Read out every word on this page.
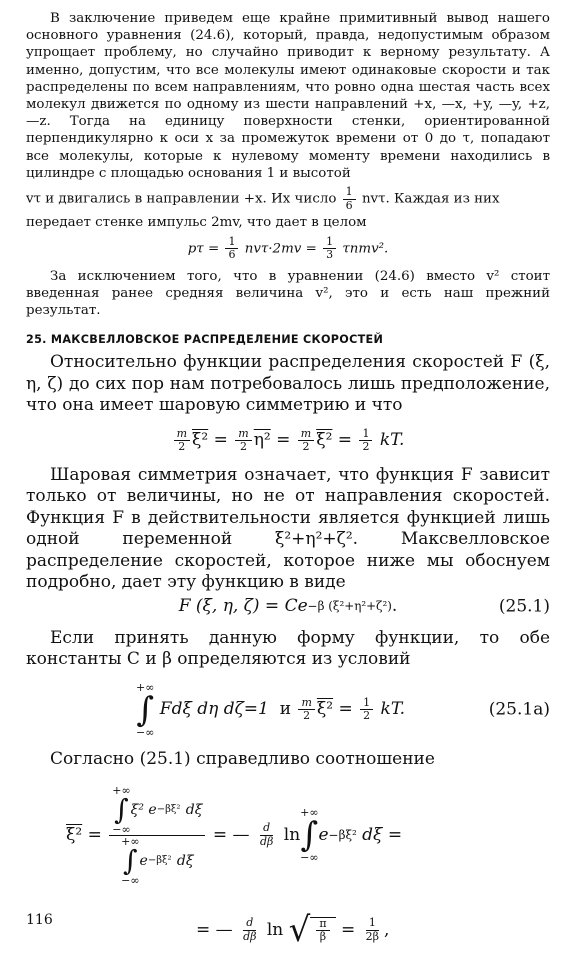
В заключение приведем еще крайне примитивный вывод нашего основного уравнения (24.6), который, правда, недопустимым образом упрощает проблему, но случайно приводит к верному результату. А именно, допустим, что все молекулы имеют одинаковые скорости и так распределены по всем направлениям, что ровно одна шестая часть всех молекул движется по одному из шести направлений +x, —x, +y, —y, +z, —z. Тогда на единицу поверхности стенки, ориентированной перпендикулярно к оси x за промежуток времени от 0 до τ, попадают все молекулы, которые к нулевому моменту времени находились в цилиндре с площадью основания 1 и высотой

vτ и двигались в направлении +x. Их число $\frac{1}{6} nv\tau$. Каждая из них

передает стенке импульс 2mv, что дает в целом

$p\tau = \frac{1}{6} nv\tau\cdot 2mv = \frac{1}{3} \tau nmv^2$.

За исключением того, что в уравнении (24.6) вместо v² стоит введенная ранее средняя величина v², это и есть наш прежний результат.

25. МАКСВЕЛЛОВСКОЕ РАСПРЕДЕЛЕНИЕ СКОРОСТЕЙ

Относительно функции распределения скоростей F (ξ, η, ζ) до сих пор нам потребовалось лишь предположение, что она имеет шаровую симметрию и что

$\frac{m}{2} \xi^2 = \frac{m}{2} \eta^2 = \frac{m}{2} \xi^2 = \frac{1}{2}$
kT.

Шаровая симметрия означает, что функция F зависит только от величины, но не от направления скоростей. Функция F в действительности является функцией лишь одной переменной ξ²+η²+ζ². Максвелловское распределение скоростей, которое ниже мы обоснуем подробно, дает эту функцию в виде

F (ξ, η, ζ) = Ce −β (ξ²+η²+ζ²) .	(25.1)

Если принять данную форму функции, то обе константы C и β определяются из условий

+∞
∫
−∞

Fdξ dη dζ=1
и
$\frac{m}{2} \xi^2 = \frac{1}{2}$
kT.	(25.1a)

Согласно (25.1) справедливо соотношение

ξ² = +∞
∫
−∞
ξ² e −βξ²
dξ
+∞
∫
−∞
e −βξ²
dξ = — $\frac{d}{d\beta}$
ln
+∞
∫
−∞
e −βξ²
dξ =
= — $\frac{d}{d\beta}$
ln
√ $\frac{\pi}{\beta} = \frac{1}{2\beta}$ ,
116
